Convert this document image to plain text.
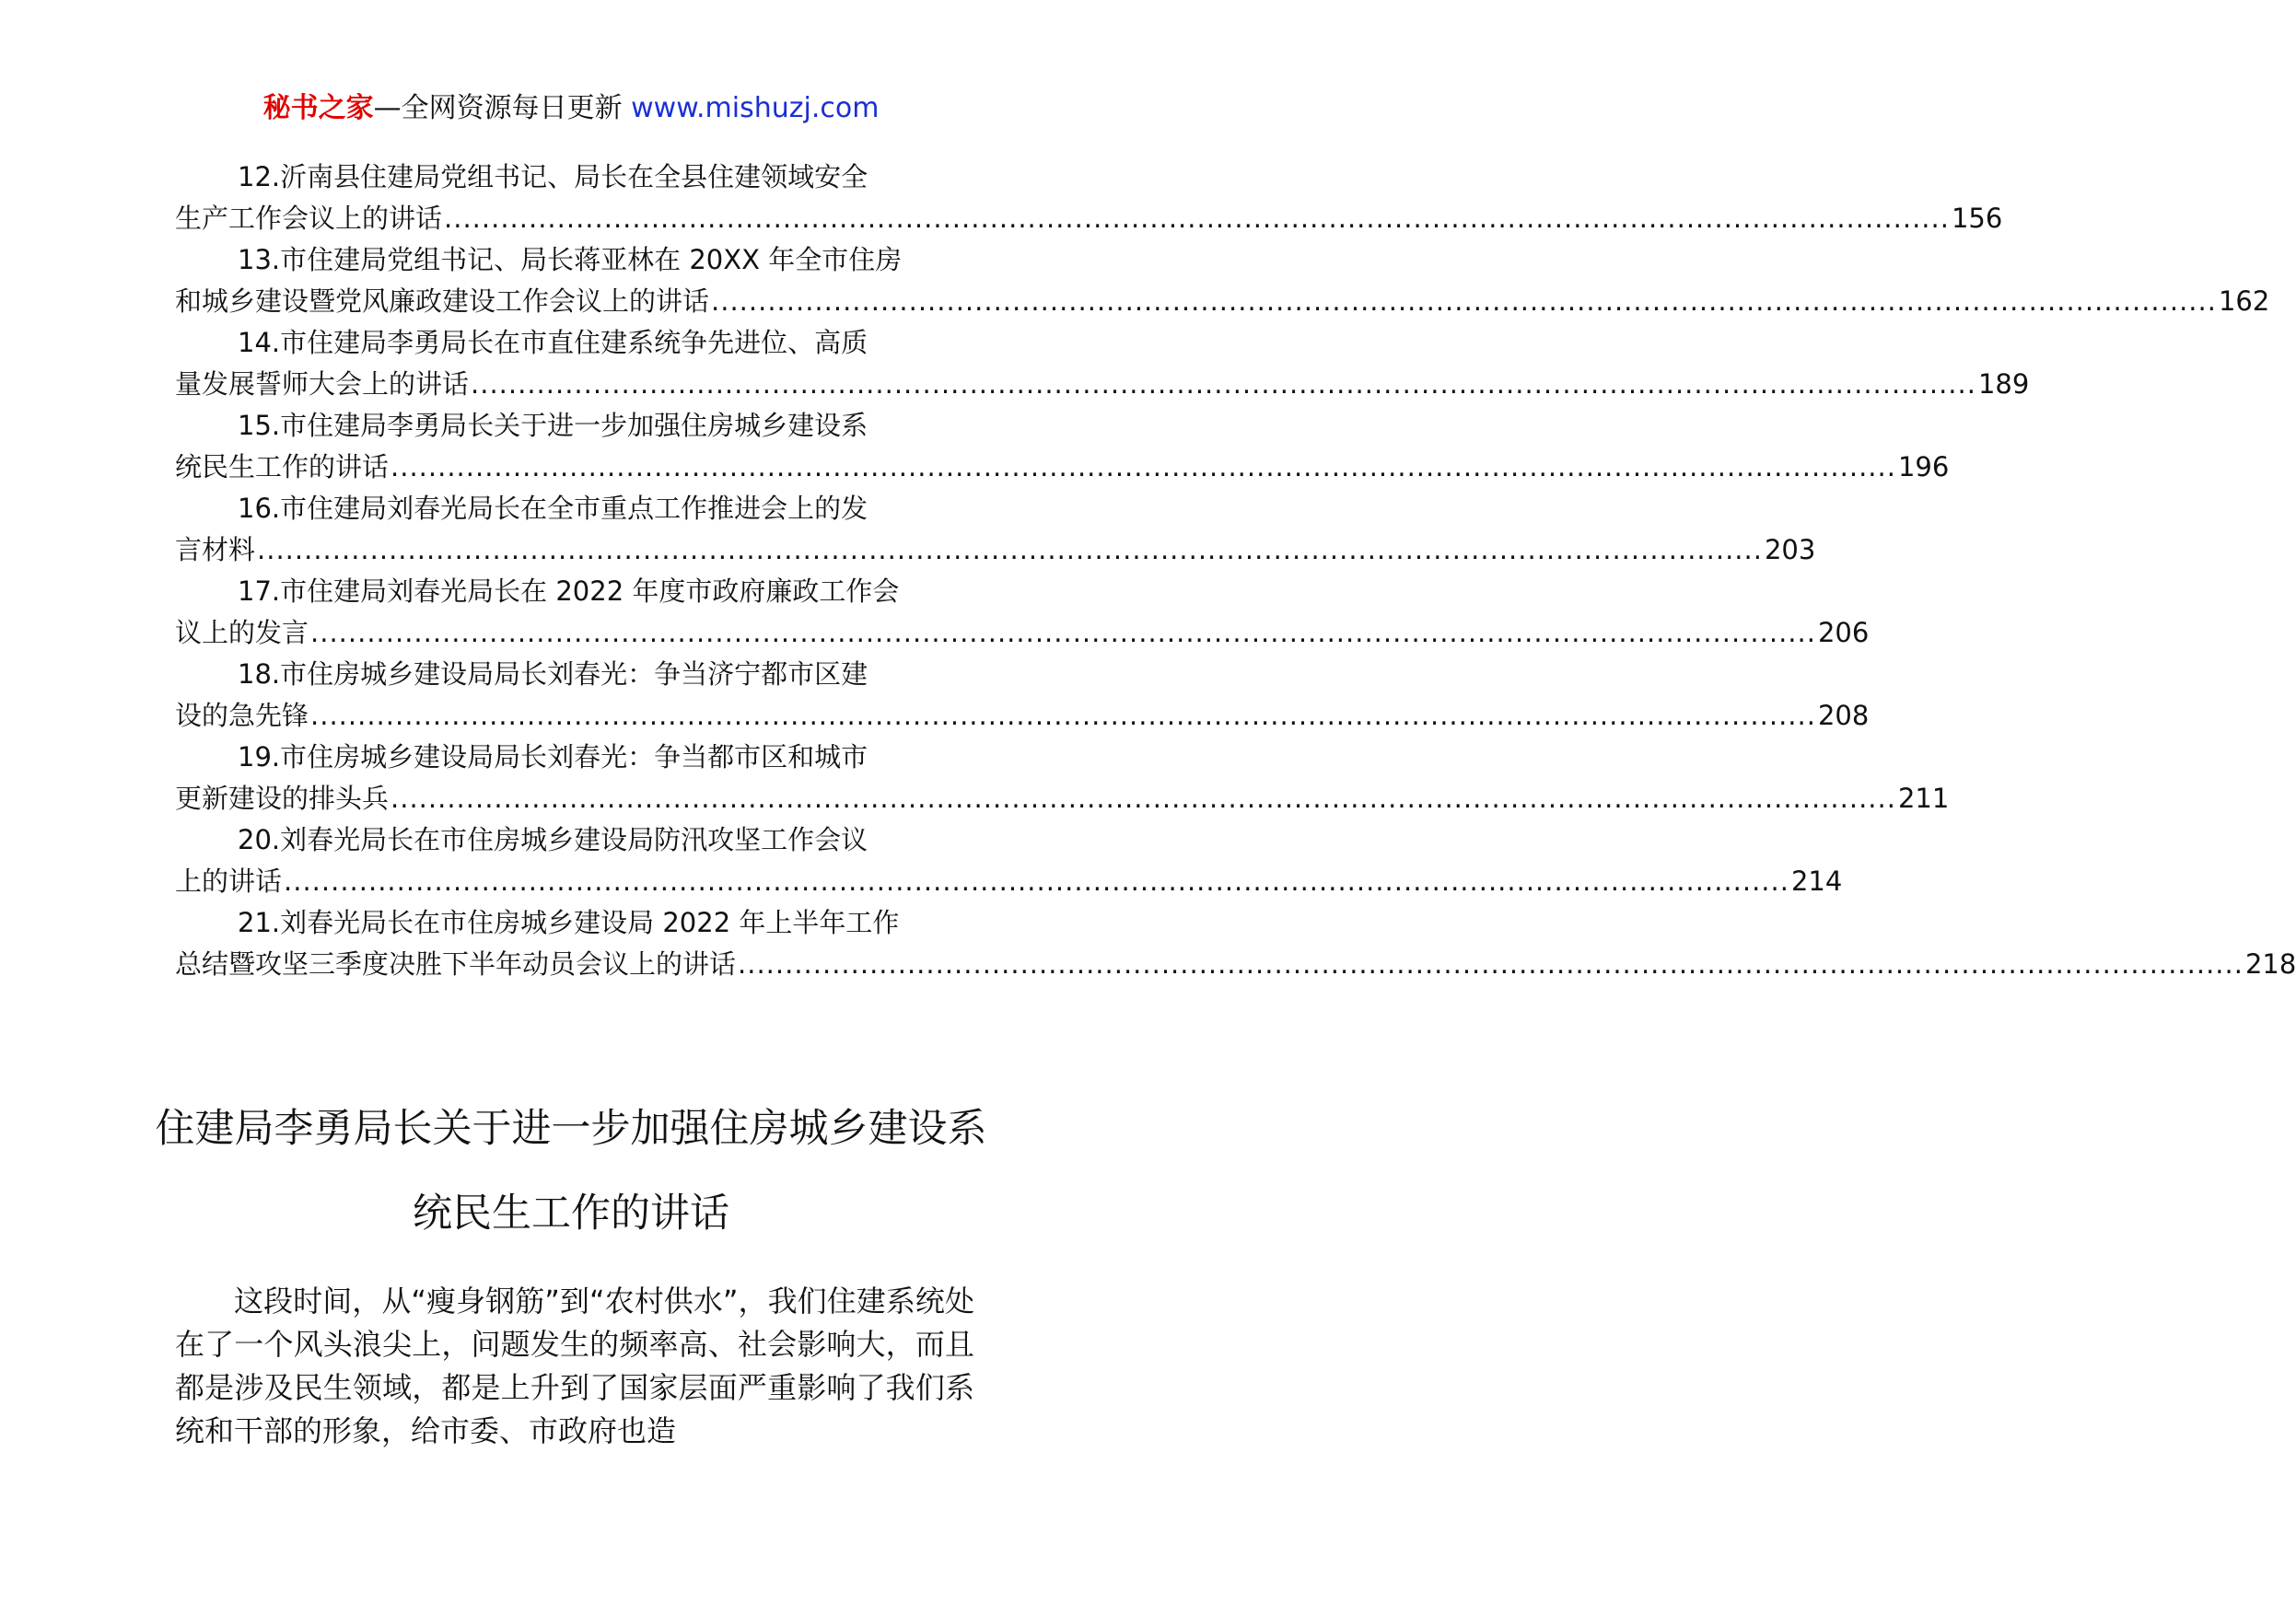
秘书之家—全网资源每日更新 www.mishuzj.com
12.沂南县住建局党组书记、局长在全县住建领域安全
生产工作会议上的讲话 ................................................................................................................................................................ 156
13.市住建局党组书记、局长蒋亚林在 20XX 年全市住房
和城乡建设暨党风廉政建设工作会议上的讲话 ................................................................................................................................................................ 162
14.市住建局李勇局长在市直住建系统争先进位、高质
量发展誓师大会上的讲话 ................................................................................................................................................................ 189
15.市住建局李勇局长关于进一步加强住房城乡建设系
统民生工作的讲话 ................................................................................................................................................................ 196
16.市住建局刘春光局长在全市重点工作推进会上的发
言材料 ................................................................................................................................................................ 203
17.市住建局刘春光局长在 2022 年度市政府廉政工作会
议上的发言 ................................................................................................................................................................ 206
18.市住房城乡建设局局长刘春光：争当济宁都市区建
设的急先锋 ................................................................................................................................................................ 208
19.市住房城乡建设局局长刘春光：争当都市区和城市
更新建设的排头兵 ................................................................................................................................................................ 211
20.刘春光局长在市住房城乡建设局防汛攻坚工作会议
上的讲话 ................................................................................................................................................................ 214
21.刘春光局长在市住房城乡建设局 2022 年上半年工作
总结暨攻坚三季度决胜下半年动员会议上的讲话 ................................................................................................................................................................ 218
住建局李勇局长关于进一步加强住房城乡建设系统民生工作的讲话
这段时间，从“瘦身钢筋”到“农村供水”，我们住建系统处在了一个风头浪尖上，问题发生的频率高、社会影响大，而且都是涉及民生领域，都是上升到了国家层面严重影响了我们系统和干部的形象，给市委、市政府也造
